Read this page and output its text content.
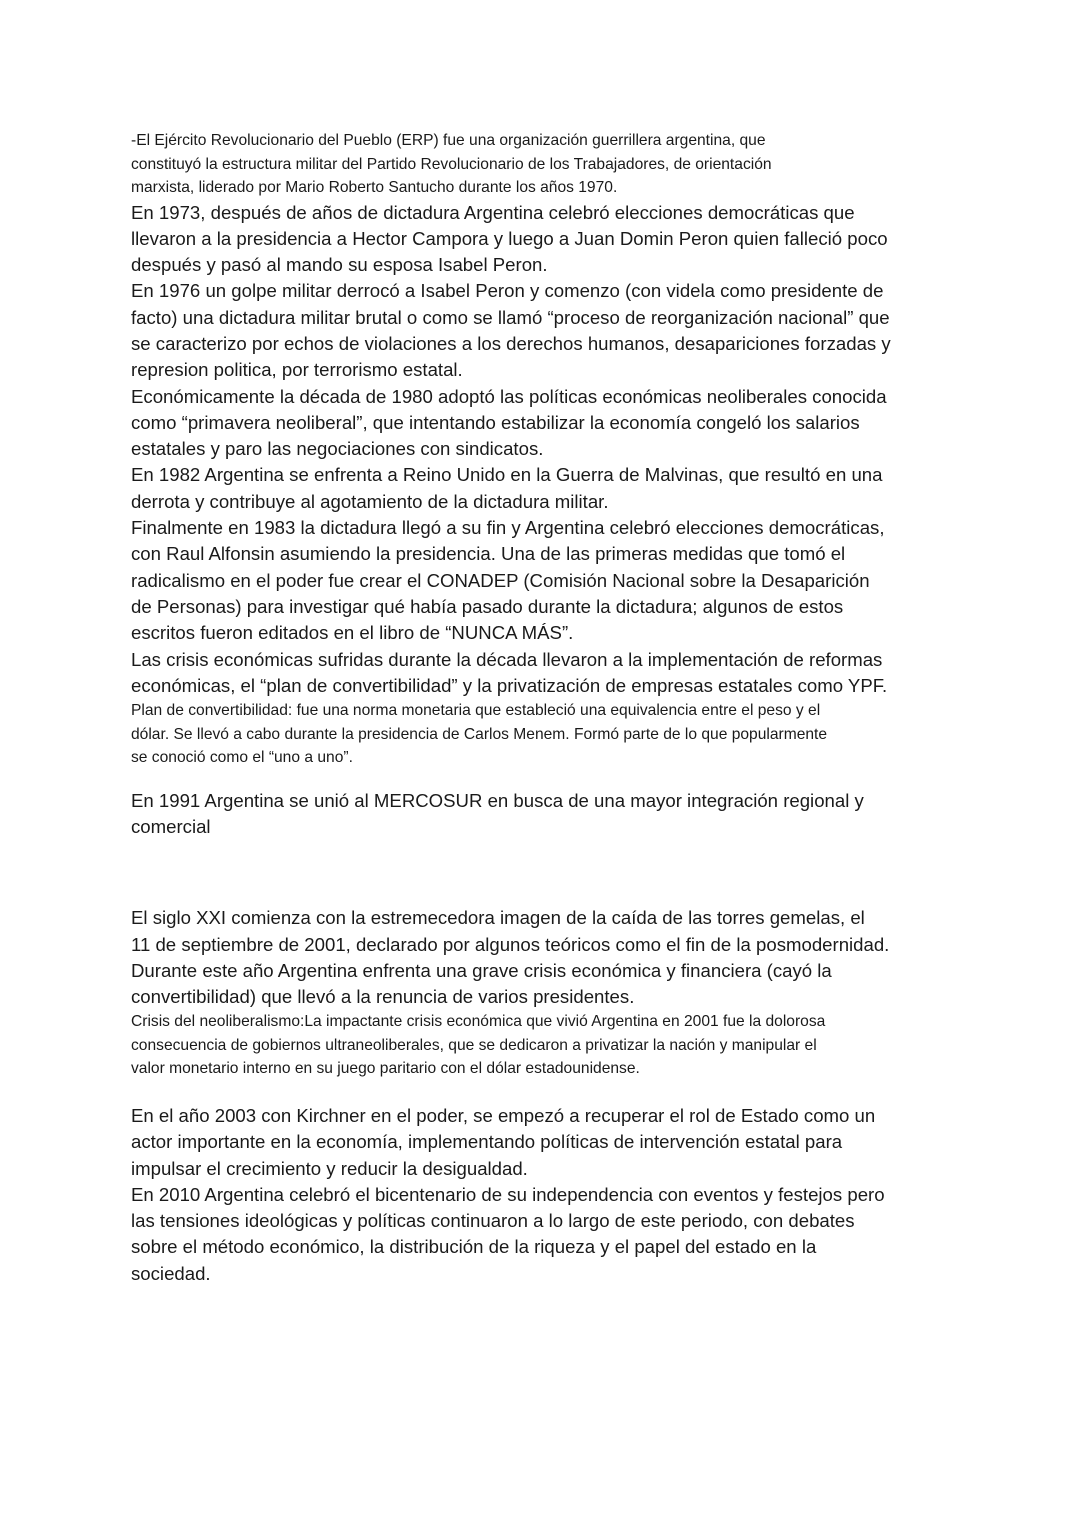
-El Ejército Revolucionario del Pueblo (ERP) fue una organización guerrillera argentina, que
constituyó la estructura militar del Partido Revolucionario de los Trabajadores, de orientación
marxista, liderado por Mario Roberto Santucho durante los años 1970.

En 1973, después de años de dictadura Argentina celebró elecciones democráticas que
llevaron a la presidencia a Hector Campora y luego a Juan Domin Peron quien falleció poco
después y pasó al mando su esposa Isabel Peron.
En 1976 un golpe militar derrocó a Isabel Peron y comenzo (con videla como presidente de
facto) una dictadura militar brutal o como se llamó “proceso de reorganización nacional” que
se caracterizo por echos de violaciones a los derechos humanos, desapariciones forzadas y
represion politica, por terrorismo estatal.
Económicamente la década de 1980 adoptó las políticas económicas neoliberales conocida
como “primavera neoliberal”, que intentando estabilizar la economía congeló los salarios
estatales y paro las negociaciones con sindicatos.
En 1982 Argentina se enfrenta a Reino Unido en la Guerra de Malvinas, que resultó en una
derrota y contribuye al agotamiento de la dictadura militar.
Finalmente en 1983 la dictadura llegó a su fin y Argentina celebró elecciones democráticas,
con Raul Alfonsin asumiendo la presidencia. Una de las primeras medidas que tomó el
radicalismo en el poder fue crear el CONADEP (Comisión Nacional sobre la Desaparición
de Personas) para investigar qué había pasado durante la dictadura; algunos de estos
escritos fueron editados en el libro de “NUNCA MÁS”.
Las crisis económicas sufridas durante la década llevaron a la implementación de reformas
económicas, el “plan de convertibilidad” y la privatización de empresas estatales como YPF.

Plan de convertibilidad: fue una norma monetaria que estableció una equivalencia entre el peso y el
dólar. Se llevó a cabo durante la presidencia de Carlos Menem. Formó parte de lo que popularmente
se conoció como el “uno a uno”.

En 1991 Argentina se unió al MERCOSUR en busca de una mayor integración regional y
comercial

El siglo XXI comienza con la estremecedora imagen de la caída de las torres gemelas, el
11 de septiembre de 2001, declarado por algunos teóricos como el fin de la posmodernidad.
Durante este año Argentina enfrenta una grave crisis económica y financiera (cayó la
convertibilidad) que llevó a la renuncia de varios presidentes.

Crisis del neoliberalismo:La impactante crisis económica que vivió Argentina en 2001 fue la dolorosa
consecuencia de gobiernos ultraneoliberales, que se dedicaron a privatizar la nación y manipular el
valor monetario interno en su juego paritario con el dólar estadounidense.

En el año 2003 con Kirchner en el poder, se empezó a recuperar el rol de Estado como un
actor importante en la economía, implementando políticas de intervención estatal para
impulsar el crecimiento y reducir la desigualdad.
En 2010 Argentina celebró el bicentenario de su independencia con eventos y festejos pero
las tensiones ideológicas y políticas continuaron a lo largo de este periodo, con debates
sobre el método económico, la distribución de la riqueza y el papel del estado en la
sociedad.
